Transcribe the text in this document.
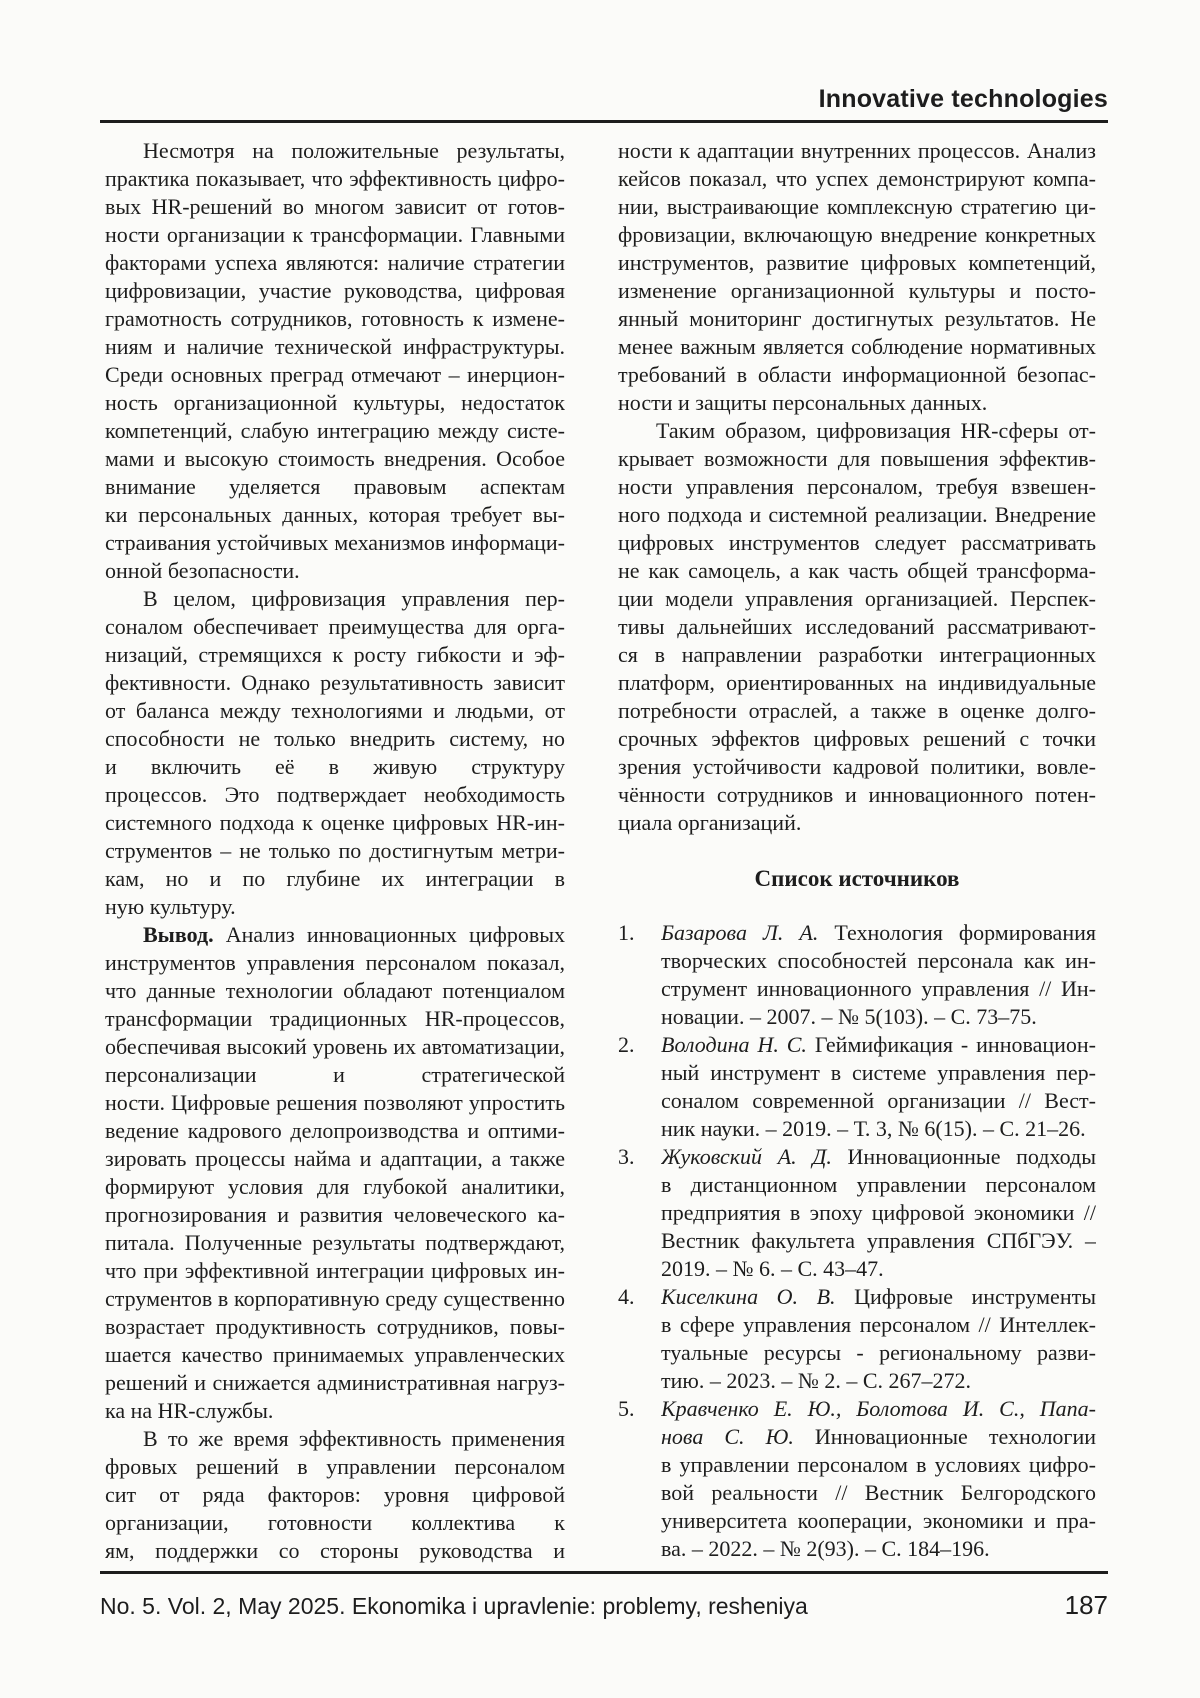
Innovative technologies
Несмотря на положительные результаты,
практика показывает, что эффективность цифро-
вых HR-решений во многом зависит от готов-
ности организации к трансформации. Главными
факторами успеха являются: наличие стратегии
цифровизации, участие руководства, цифровая
грамотность сотрудников, готовность к измене-
ниям и наличие технической инфраструктуры.
Среди основных преград отмечают – инерцион-
ность организационной культуры, недостаток
компетенций, слабую интеграцию между систе-
мами и высокую стоимость внедрения. Особое
внимание уделяется правовым аспектам
ки персональных данных, которая требует вы-
страивания устойчивых механизмов информаци-
онной безопасности.
В целом, цифровизация управления пер-
соналом обеспечивает преимущества для орга-
низаций, стремящихся к росту гибкости и эф-
фективности. Однако результативность зависит
от баланса между технологиями и людьми, от
способности не только внедрить систему, но
и включить её в живую структуру
процессов. Это подтверждает необходимость
системного подхода к оценке цифровых HR-ин-
струментов – не только по достигнутым метри-
кам, но и по глубине их интеграции в
ную культуру.
Вывод. Анализ инновационных цифровых
инструментов управления персоналом показал,
что данные технологии обладают потенциалом
трансформации традиционных HR-процессов,
обеспечивая высокий уровень их автоматизации,
персонализации и стратегической
ности. Цифровые решения позволяют упростить
ведение кадрового делопроизводства и оптими-
зировать процессы найма и адаптации, а также
формируют условия для глубокой аналитики,
прогнозирования и развития человеческого ка-
питала. Полученные результаты подтверждают,
что при эффективной интеграции цифровых ин-
струментов в корпоративную среду существенно
возрастает продуктивность сотрудников, повы-
шается качество принимаемых управленческих
решений и снижается административная нагруз-
ка на HR-службы.
В то же время эффективность применения
фровых решений в управлении персоналом
сит от ряда факторов: уровня цифровой
организации, готовности коллектива к
ям, поддержки со стороны руководства и
ности к адаптации внутренних процессов. Анализ
кейсов показал, что успех демонстрируют компа-
нии, выстраивающие комплексную стратегию ци-
фровизации, включающую внедрение конкретных
инструментов, развитие цифровых компетенций,
изменение организационной культуры и посто-
янный мониторинг достигнутых результатов. Не
менее важным является соблюдение нормативных
требований в области информационной безопас-
ности и защиты персональных данных.
Таким образом, цифровизация HR-сферы от-
крывает возможности для повышения эффектив-
ности управления персоналом, требуя взвешен-
ного подхода и системной реализации. Внедрение
цифровых инструментов следует рассматривать
не как самоцель, а как часть общей трансформа-
ции модели управления организацией. Перспек-
тивы дальнейших исследований рассматривают-
ся в направлении разработки интеграционных
платформ, ориентированных на индивидуальные
потребности отраслей, а также в оценке долго-
срочных эффектов цифровых решений с точки
зрения устойчивости кадровой политики, вовле-
чённости сотрудников и инновационного потен-
циала организаций.
Список источников
1.	Базарова Л. А. Технология формирования
творческих способностей персонала как ин-
струмент инновационного управления // Ин-
новации. – 2007. – № 5(103). – С. 73–75.
2.	Володина Н. С. Геймификация - инновацион-
ный инструмент в системе управления пер-
соналом современной организации // Вест-
ник науки. – 2019. – Т. 3, № 6(15). – С. 21–26.
3.	Жуковский А. Д. Инновационные подходы
в дистанционном управлении персоналом
предприятия в эпоху цифровой экономики //
Вестник факультета управления СПбГЭУ. –
2019. – № 6. – С. 43–47.
4.	Киселкина О. В. Цифровые инструменты
в сфере управления персоналом // Интеллек-
туальные ресурсы - региональному разви-
тию. – 2023. – № 2. – С. 267–272.
5.	Кравченко Е. Ю., Болотова И. С., Папа-
нова С. Ю. Инновационные технологии
в управлении персоналом в условиях цифро-
вой реальности // Вестник Белгородского
университета кооперации, экономики и пра-
ва. – 2022. – № 2(93). – С. 184–196.
No. 5. Vol. 2, May 2025. Ekonomika i upravlenie: problemy, resheniya	187
